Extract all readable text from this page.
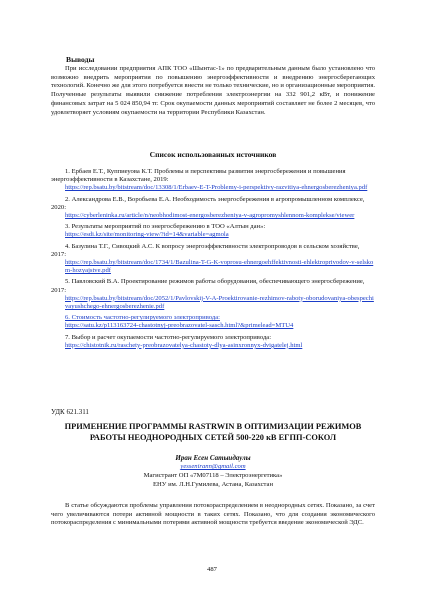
Выводы
При исследовании предприятия АПК ТОО «Шынтас-1» по предварительным данным было установлено что возможно внедрить мероприятия по повышению энергоэффективности и внедрению энергосберегающих технологий. Конечно же для этого потребуется внести не только технические, но и организационные мероприятия. Полученные результаты выявили снижение потребления электроэнергии на 332 901,2 кВт, и понижение финансовых затрат на 5 024 850,94 тг. Срок окупаемости данных мероприятий составляет не более 2 месяцев, что удовлетворяет условиям окупаемости на территории Республики Казахстан.
Список использованных источников
1. Ербаев Е.Т., Куппиеуова К.Т. Проблемы и перспективы развития энергосбережения и повышения энергоэффективности в Казахстане, 2019:
https://rep.bsatu.by/bitstream/doc/13308/1/Erbaev-E-T-Problemy-i-perspektivy-razvitiya-ehnergosberezheniya.pdf
2. Александрова Е.В., Воробьева Е.А. Необходимость энергосбережения в агропромышленном комплексе, 2020:
https://cyberleninka.ru/article/n/neobhodimost-energosberezheniya-v-agropromyshlennom-komplekse/viewer
3. Результаты мероприятий по энергосбережению в ТОО «Алтын дан»:
https://esdi.kz/site/monitoring-view/?id=14&variable=agmola
4. Базулина Т.Г., Сивоцкий А.С. К вопросу энергоэффективности электропроводов в сельском хозяйстве, 2017:
https://rep.bsatu.by/bitstream/doc/1734/1/Bazulina-T-G-K-voprosu-ehnergoehffektivnosti-ehlektroprivodov-v-selskom-hozyajstve.pdf
5. Павловский В.А. Проектирование режимов работы оборудования, обеспечивающего энергосбережение, 2017:
https://rep.bsatu.by/bitstream/doc/2052/1/Pavlovskij-V-A-Proektirovanie-rezhimov-raboty-oborudovaniya-obespechivayushchego-ehnergosberezhenie.pdf
6. Стоимость частотно-регулируемого электропривода:
https://satu.kz/p113163724-chastotnyj-preobrazovatel-sasch.html?&primelead=MTU4
7. Выбор и расчет окупаемости частотно-регулируемого электропривода:
https://chistotnik.ru/raschety-preobrazovatelya-chastoty-dlya-asinxronnyx-dvigatelej.html
УДК 621.311
ПРИМЕНЕНИЕ ПРОГРАММЫ RASTRWIN В ОПТИМИЗАЦИИ РЕЖИМОВ РАБОТЫ НЕОДНОРОДНЫХ СЕТЕЙ 500-220 кВ ЕГПП-СОКОЛ
Иран Есен Сатыидаулы
yessenirann@gmail.com
Магистрант ОП «7M07118 – Электроэнергетика»
ЕНУ им. Л.Н.Гумилева, Астана, Казахстан
В статье обсуждаются проблемы управления потокораспределением в неоднородных сетях. Показано, за счет чего увеличиваются потери активной мощности в таких сетях. Показано, что для создания экономического потокораспределения с минимальными потерями активной мощности требуется введение экономической ЭДС.
487
